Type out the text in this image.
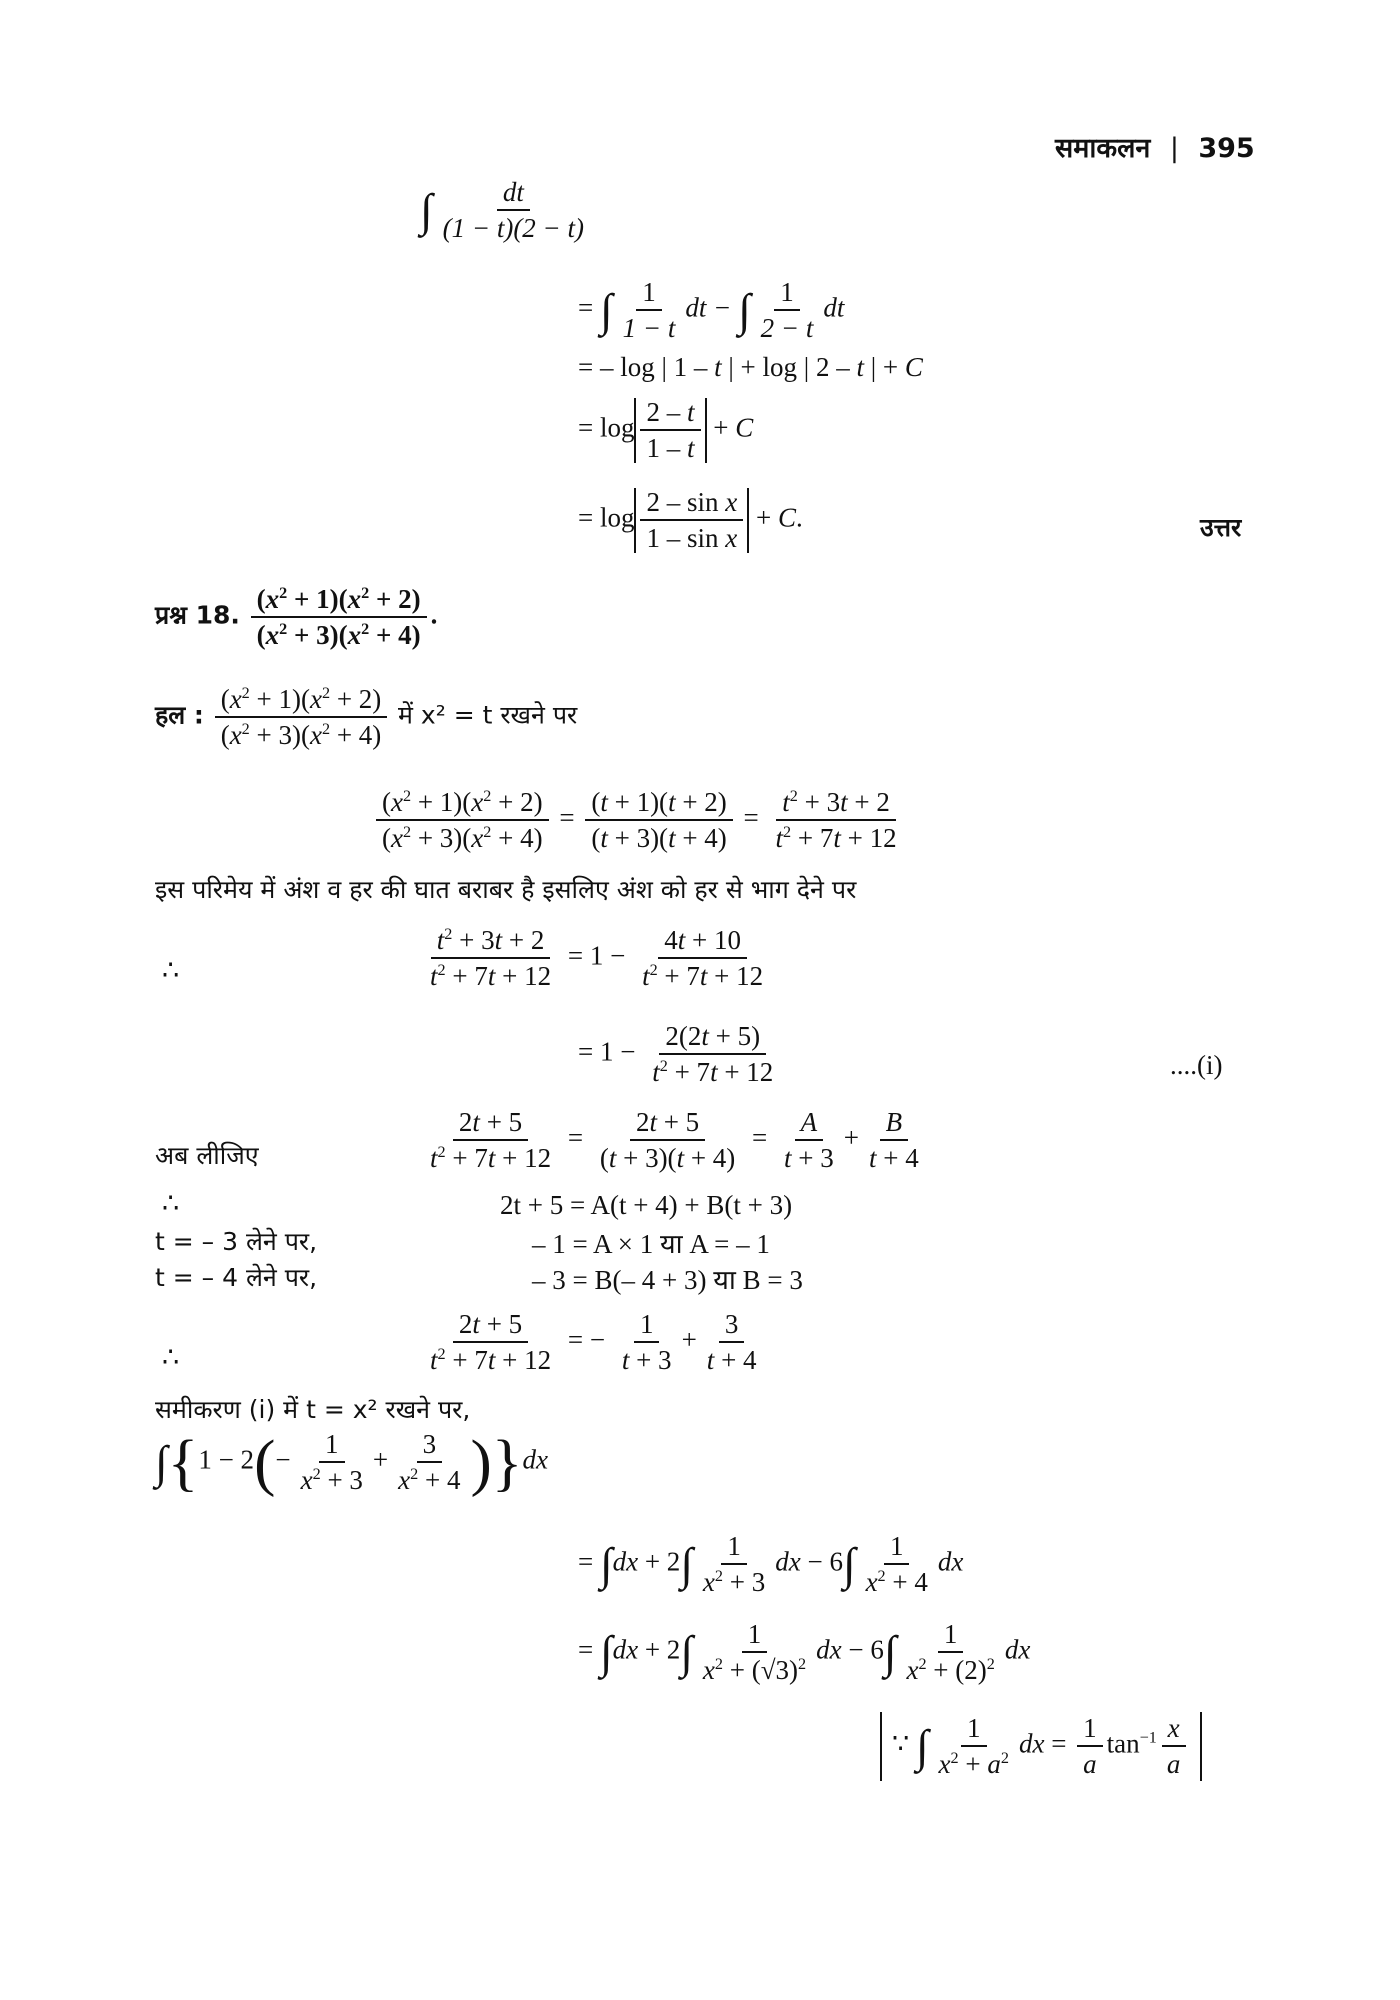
समाकलन | 395
∫ $\frac{dt}{(1 - t)(2 - t)}$
= ∫ $\frac{1}{1 - t}$ dt − ∫ $\frac{1}{2 - t}$ dt
= – log | 1 – t | + log | 2 – t | + C
= $\log \frac{2 - t}{1 - t} + C$
= $\log \frac{\text{2 – sin x}}{\text{1 – sin x}} + C$.	उत्तर
प्रश्न 18. $\frac{(x^2 + 1)(x^2 + 2)}{(x^2 + 3)(x^2 + 4)}$ .
हल : $\frac{(x^2 + 1)(x^2 + 2)}{(x^2 + 3)(x^2 + 4)}$ में x² = t रखने पर
$\frac{(x^2 + 1)(x^2 + 2)}{(x^2 + 3)(x^2 + 4)} = \frac{(t + 1)(t + 2)}{(t + 3)(t + 4)} = \frac{t^2 + 3t + 2}{t^2 + 7t + 12}$
इस परिमेय में अंश व हर की घात बराबर है इसलिए अंश को हर से भाग देने पर
∴	$\frac{t^2 + 3t + 2}{t^2 + 7t + 12} = 1 - \frac{4t + 10}{t^2 + 7t + 12}$
= $1 - \frac{2(2t + 5)}{t^2 + 7t + 12}$	....(i)
अब लीजिए	$\frac{2t + 5}{t^2 + 7t + 12} = \frac{2t + 5}{(t + 3)(t + 4)} = \frac{A}{t + 3} + \frac{B}{t + 4}$
∴	2t + 5 = A(t + 4) + B(t + 3)
t = – 3 लेने पर,	– 1 = A × 1 या A = – 1
t = – 4 लेने पर,	– 3 = B(– 4 + 3) या B = 3
∴	$\frac{2t + 5}{t^2 + 7t + 12}$ = − $\frac{1}{t + 3} + \frac{3}{t + 4}$
समीकरण (i) में t = x² रखने पर,
$\int\{1 - 2(- \frac{1}{x^2 + 3} + \frac{3}{x^2 + 4} )\}dx$
= $\int dx + 2\int \frac{1}{x^2 + 3}$ dx − $6\int \frac{1}{x^2 + 4}$ dx
= $\int dx + 2\int \frac{1}{x^2 + (√3)^2}$ dx − $6\int \frac{1}{x^2 + (2)^2}$ dx
∵ ∫ $\frac{1}{x^2 + a^2}$ dx = $\frac{1}{a} \tan^{-1} \frac{x}{a}$
